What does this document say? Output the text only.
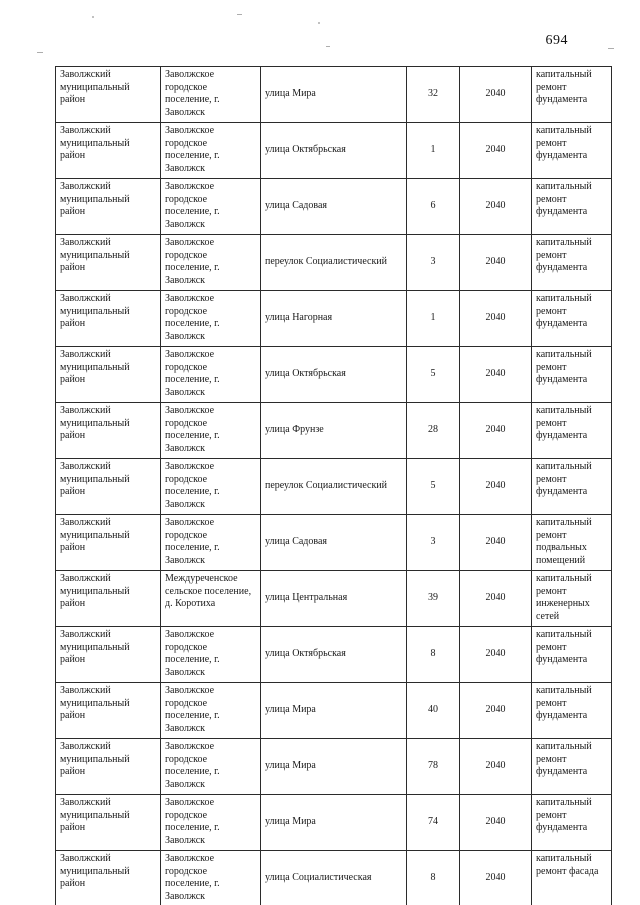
694
Заволжский муниципальный район	Заволжское городское поселение, г. Заволжск	улица Мира	32	2040	капитальный ремонт фундамента
Заволжский муниципальный район	Заволжское городское поселение, г. Заволжск	улица Октябрьская	1	2040	капитальный ремонт фундамента
Заволжский муниципальный район	Заволжское городское поселение, г. Заволжск	улица Садовая	6	2040	капитальный ремонт фундамента
Заволжский муниципальный район	Заволжское городское поселение, г. Заволжск	переулок Социалистический	3	2040	капитальный ремонт фундамента
Заволжский муниципальный район	Заволжское городское поселение, г. Заволжск	улица Нагорная	1	2040	капитальный ремонт фундамента
Заволжский муниципальный район	Заволжское городское поселение, г. Заволжск	улица Октябрьская	5	2040	капитальный ремонт фундамента
Заволжский муниципальный район	Заволжское городское поселение, г. Заволжск	улица Фрунзе	28	2040	капитальный ремонт фундамента
Заволжский муниципальный район	Заволжское городское поселение, г. Заволжск	переулок Социалистический	5	2040	капитальный ремонт фундамента
Заволжский муниципальный район	Заволжское городское поселение, г. Заволжск	улица Садовая	3	2040	капитальный ремонт подвальных помещений
Заволжский муниципальный район	Междуреченское сельское поселение, д. Коротиха	улица Центральная	39	2040	капитальный ремонт инженерных сетей
Заволжский муниципальный район	Заволжское городское поселение, г. Заволжск	улица Октябрьская	8	2040	капитальный ремонт фундамента
Заволжский муниципальный район	Заволжское городское поселение, г. Заволжск	улица Мира	40	2040	капитальный ремонт фундамента
Заволжский муниципальный район	Заволжское городское поселение, г. Заволжск	улица Мира	78	2040	капитальный ремонт фундамента
Заволжский муниципальный район	Заволжское городское поселение, г. Заволжск	улица Мира	74	2040	капитальный ремонт фундамента
Заволжский муниципальный район	Заволжское городское поселение, г. Заволжск	улица Социалистическая	8	2040	капитальный ремонт фасада
